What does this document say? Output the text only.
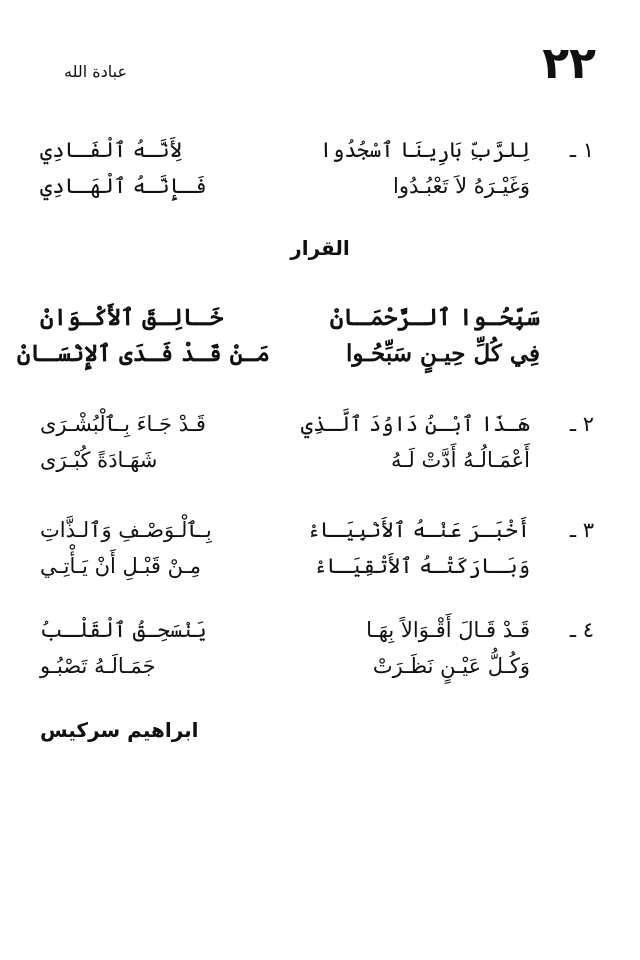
٢٢
عبادة الله
١ ـ
لِلرَّبِّ بَارِينَا ٱسْجُدُوا
لِأَنَّـهُ ٱلْفَـادِي
وَغَيْـرَهُ لاَ تَعْبُـدُوا
فَـإِنَّـهُ ٱلْهَـادِي
القرار
سَبِّحُـوا ٱلـرَّحْمَـانْ
خَـالِـقَ ٱلأَكْـوَانْ
فِي كُلِّ حِيـنٍ سَبِّحُـوا
مَـنْ قَـدْ فَـدَى ٱلإِنْسَـانْ
٢ ـ
هَـذَا ٱبْـنُ دَاوُدَ ٱلَّـذِي
قَـدْ جَـاءَ بِـٱلْبُشْـرَى
أَعْمَـالُـهُ أَدَّتْ لَـهُ
شَهَـادَةً كُبْـرَى
٣ ـ
أَخْبَـرَ عَنْـهُ ٱلأَنْبِيَـاءْ
بِـٱلْـوَصْـفِ وَٱلـذَّاتِ
وَبَـارَكَتْـهُ ٱلأَتْقِيَـاءْ
مِـنْ قَبْـلِ أَنْ يَـأْتِـي
٤ ـ
قَـدْ قَـالَ أَقْـوَالاً بِهَـا
يَنْسَحِـقُ ٱلْقَلْـبُ
وَكُـلُّ عَيْـنٍ نَظَـرَتْ
جَمَـالَـهُ تَصْبُـو
ابراهيم سركيس
